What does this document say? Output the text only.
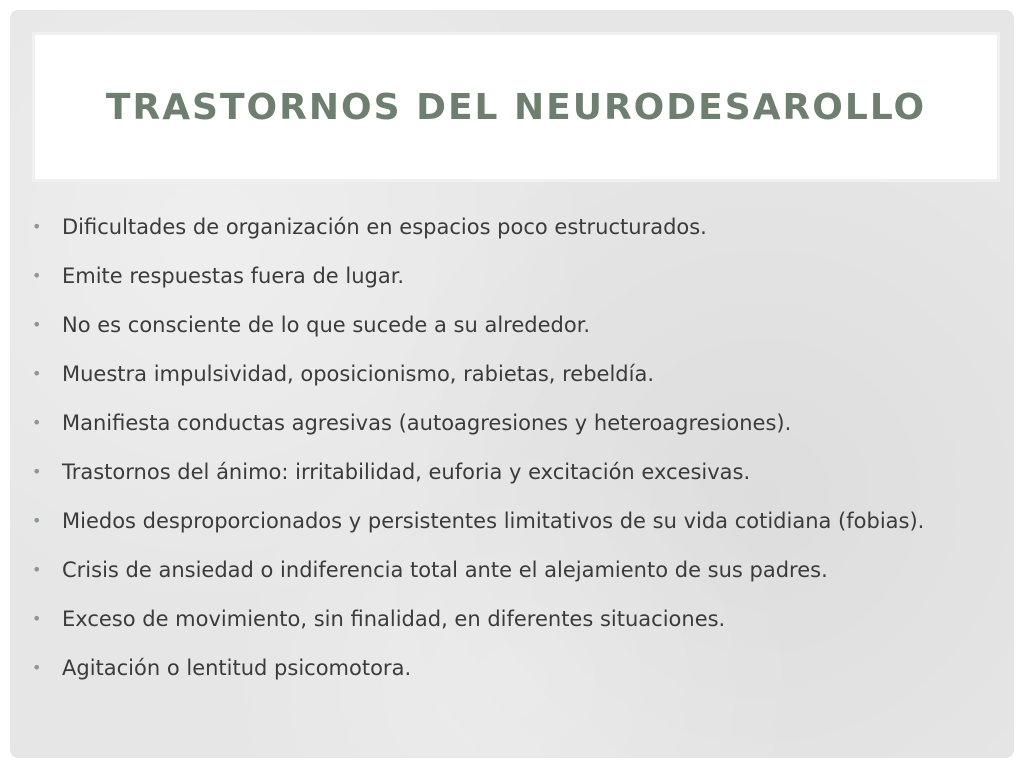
TRASTORNOS DEL NEURODESAROLLO
• Dificultades de organización en espacios poco estructurados.
• Emite respuestas fuera de lugar.
• No es consciente de lo que sucede a su alrededor.
• Muestra impulsividad, oposicionismo, rabietas, rebeldía.
• Manifiesta conductas agresivas (autoagresiones y heteroagresiones).
• Trastornos del ánimo: irritabilidad, euforia y excitación excesivas.
• Miedos desproporcionados y persistentes limitativos de su vida cotidiana (fobias).
• Crisis de ansiedad o indiferencia total ante el alejamiento de sus padres.
• Exceso de movimiento, sin finalidad, en diferentes situaciones.
• Agitación o lentitud psicomotora.
